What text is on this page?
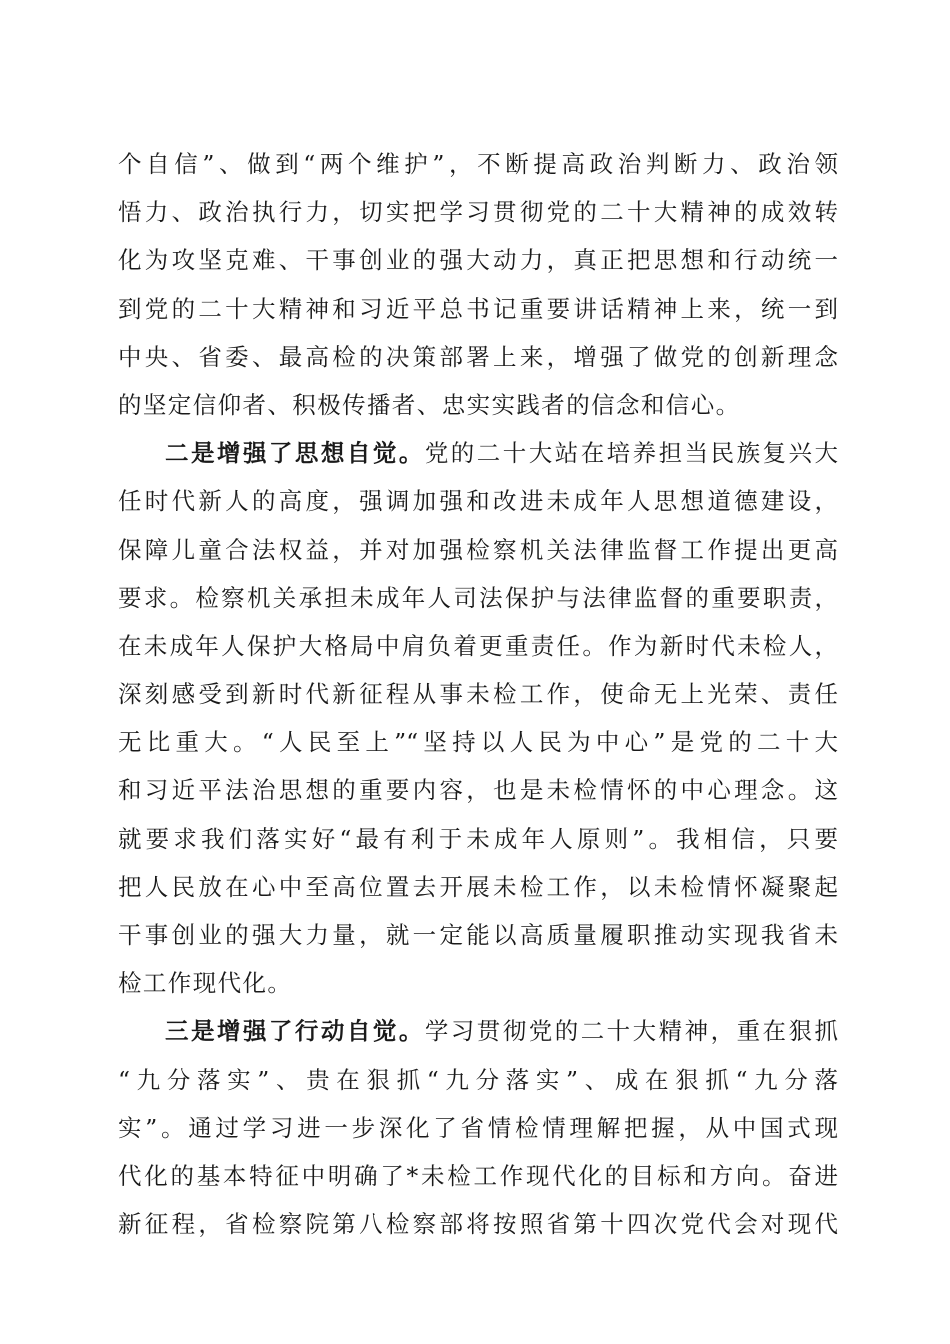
个自信”、做到“两个维护”，不断提高政治判断力、政治领
悟力、政治执行力，切实把学习贯彻党的二十大精神的成效转
化为攻坚克难、干事创业的强大动力，真正把思想和行动统一
到党的二十大精神和习近平总书记重要讲话精神上来，统一到
中央、省委、最高检的决策部署上来，增强了做党的创新理念
的坚定信仰者、积极传播者、忠实实践者的信念和信心。
二是增强了思想自觉。党的二十大站在培养担当民族复兴大
任时代新人的高度，强调加强和改进未成年人思想道德建设，
保障儿童合法权益，并对加强检察机关法律监督工作提出更高
要求。检察机关承担未成年人司法保护与法律监督的重要职责，
在未成年人保护大格局中肩负着更重责任。作为新时代未检人，
深刻感受到新时代新征程从事未检工作，使命无上光荣、责任
无比重大。“人民至上”“坚持以人民为中心”是党的二十大
和习近平法治思想的重要内容，也是未检情怀的中心理念。这
就要求我们落实好“最有利于未成年人原则”。我相信，只要
把人民放在心中至高位置去开展未检工作，以未检情怀凝聚起
干事创业的强大力量，就一定能以高质量履职推动实现我省未
检工作现代化。
三是增强了行动自觉。学习贯彻党的二十大精神，重在狠抓
“九分落实”、贵在狠抓“九分落实”、成在狠抓“九分落
实”。通过学习进一步深化了省情检情理解把握，从中国式现
代化的基本特征中明确了*未检工作现代化的目标和方向。奋进
新征程，省检察院第八检察部将按照省第十四次党代会对现代
